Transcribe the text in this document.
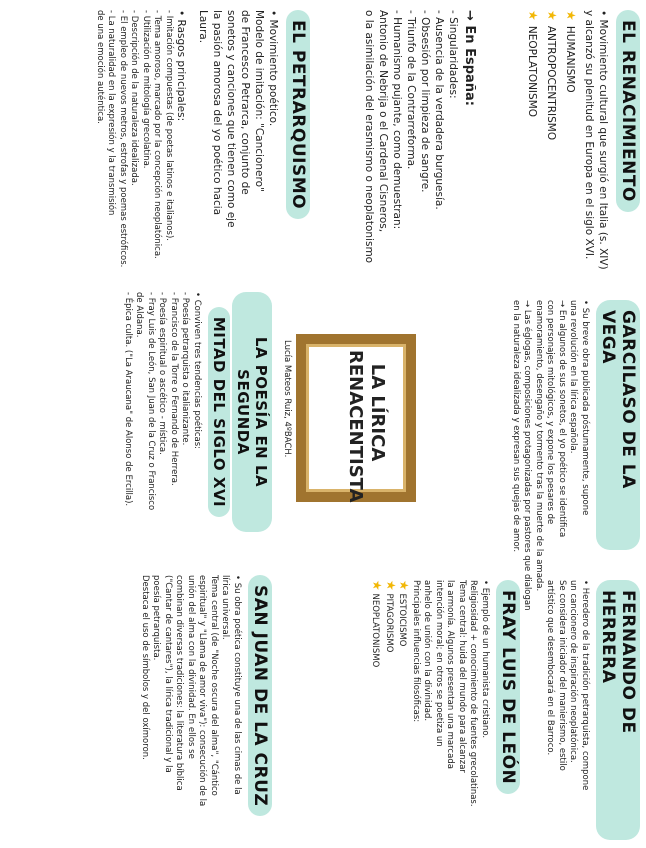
EL RENACIMIENTO
• Movimiento cultural que surgió en Italia (s. XIV)
y alcanzó su plenitud en Europa en el siglo XVI.
★ HUMANISMO
★ ANTROPOCENTRISMO
★ NEOPLATONISMO
→ En España:
- Singularidades:
- Ausencia de la verdadera burguesía.
- Obsesión por limpieza de sangre.
- Triunfo de la Contrarreforma.
- Humanismo pujante, como demuestran:
Antonio de Nebrija o el Cardenal Cisneros,
o la asimilación del erasmismo o neoplatonismo
EL PETRARQUISMO
• Movimiento poético.
Modelo de imitación: "Cancionero"
de Francesco Petrarca, conjunto de
sonetos y canciones que tienen como eje
la pasión amorosa del yo poético hacia
Laura.
• Rasgos principales:
- Imitación compuestas (de poetas latinos e italianos).
- Tema amoroso, marcado por la concepción neoplatónica.
- Utilización de mitología grecolatina.
- Descripción de la naturaleza idealizada.
- El empleo de nuevos metros, estrofas y poemas estróficos.
- La naturalidad en la expresión y la transmisión
de una emoción auténtica.
GARCILASO DE LA VEGA
• Su breve obra publicada póstumamente, supone
una revolución en la lírica española.
→ En algunos de sus sonetos, el yo poético se identifica
con personajes mitológicos, y expone los pesares de
enamoramiento, desengaño y tormento tras la muerte de la amada.
→ Las églogas, composiciones protagonizadas por pastores que dialogan
en la naturaleza idealizada y expresan sus quejas de amor.
LA LÍRICA
RENACENTISTA
Lucía Mateos Ruiz, 4ºBACH.
LA POESÍA EN LA SEGUNDA
MITAD DEL SIGLO XVI
• Conviven tres tendencias poéticas:
- Poesía petrarquista o italianizante.
- Francisco de la Torre o Fernando de Herrera.
- Poesía espiritual o ascético - mística.
- Fray Luis de León, San Juan de la Cruz o Francisco
de Aldana.
- Épica culta. ("La Araucana" de Alonso de Ercilla).
FERNANDO DE HERRERA
• Heredero de la tradición petrarquista, compone
un cancionero de inspiración neoplatónica.
Se considera iniciador del manierismo, estilo
artístico que desembocará en el Barroco.
FRAY LUIS DE LEÓN
• Ejemplo de un humanista cristiano.
Religiosidad + conocimiento de fuentes grecolatinas.
Tema central: huida del mundo para alcanzar
la armonía. Algunos presentan una marcada
intención moral; en otros se poetiza un
anhelo de unión con la divinidad.
Principales influencias filosóficas:
★ ESTOICISMO
★ PITAGORISMO
★ NEOPLATONISMO
SAN JUAN DE LA CRUZ
• Su obra poética constituye una de las cimas de la
lírica universal.
Tema central (de "Noche oscura del alma", "Cántico
espiritual" y "Llama de amor viva"): consecución de la
unión del alma con la divinidad. En ellos se
combinan diversas tradiciones: la literatura bíblica
("Cantar de cantares"), la lírica tradicional y la
poesía petrarquista.
Destaca el uso de símbolos y del oxímoron.
